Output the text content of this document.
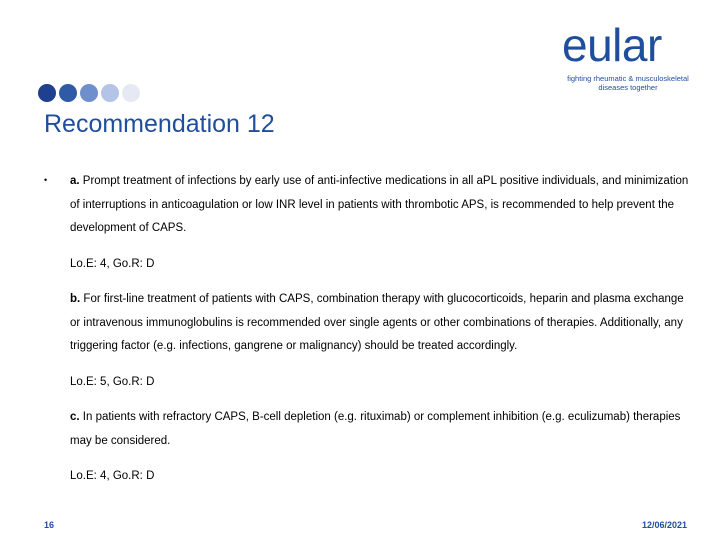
eular
fighting rheumatic & musculoskeletal diseases together
Recommendation 12
• a. Prompt treatment of infections by early use of anti-infective medications in all aPL positive individuals, and minimization of interruptions in anticoagulation or low INR level in patients with thrombotic APS, is recommended to help prevent the development of CAPS.

Lo.E: 4, Go.R: D

b. For first-line treatment of patients with CAPS, combination therapy with glucocorticoids, heparin and plasma exchange or intravenous immunoglobulins is recommended over single agents or other combinations of therapies. Additionally, any triggering factor (e.g. infections, gangrene or malignancy) should be treated accordingly.

Lo.E: 5, Go.R: D

c. In patients with refractory CAPS, B-cell depletion (e.g. rituximab) or complement inhibition (e.g. eculizumab) therapies may be considered.

Lo.E: 4, Go.R: D

16	12/06/2021
